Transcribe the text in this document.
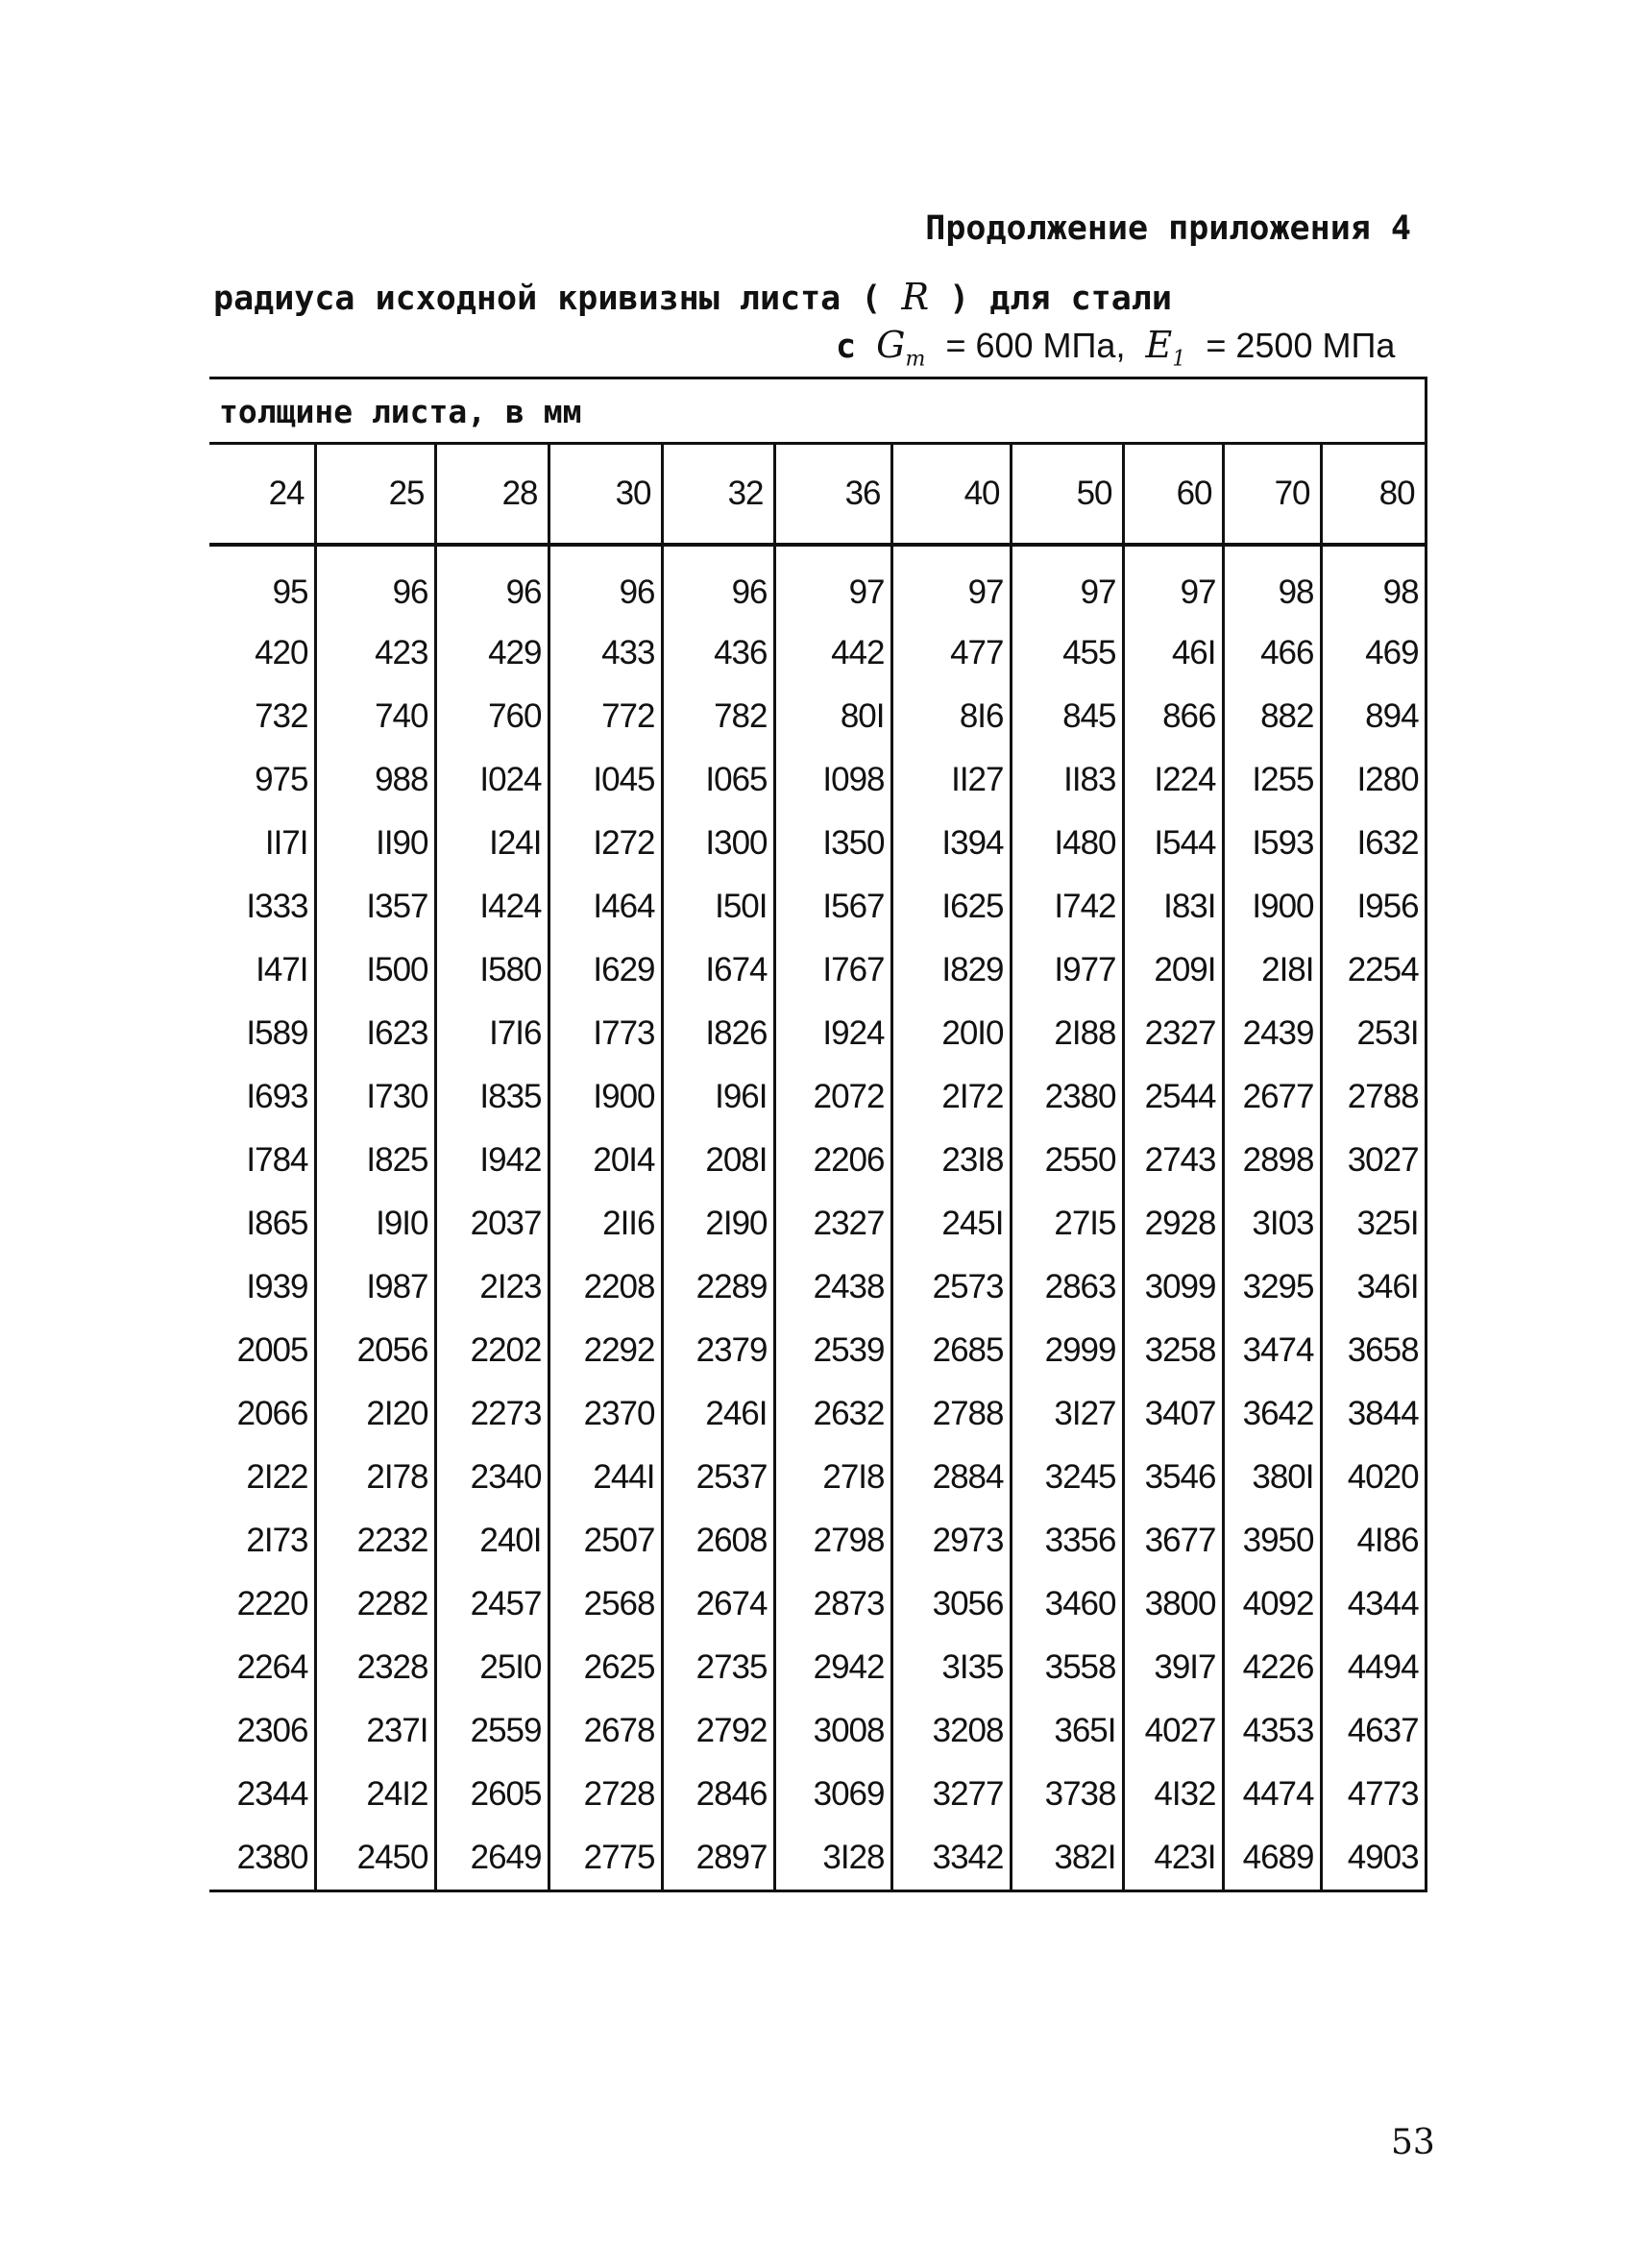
Продолжение приложения 4
радиуса исходной кривизны листа ( R ) для стали
с $G_т = 600$ МПа, $E_1 = 2500$ МПа
толщине листа, в мм										
24	25	28	30	32	36	40	50	60	70	80
95	96	96	96	96	97	97	97	97	98	98
420	423	429	433	436	442	477	455	46I	466	469
732	740	760	772	782	80I	8I6	845	866	882	894
975	988	I024	I045	I065	I098	II27	II83	I224	I255	I280
II7I	II90	I24I	I272	I300	I350	I394	I480	I544	I593	I632
I333	I357	I424	I464	I50I	I567	I625	I742	I83I	I900	I956
I47I	I500	I580	I629	I674	I767	I829	I977	209I	2I8I	2254
I589	I623	I7I6	I773	I826	I924	20I0	2I88	2327	2439	253I
I693	I730	I835	I900	I96I	2072	2I72	2380	2544	2677	2788
I784	I825	I942	20I4	208I	2206	23I8	2550	2743	2898	3027
I865	I9I0	2037	2II6	2I90	2327	245I	27I5	2928	3I03	325I
I939	I987	2I23	2208	2289	2438	2573	2863	3099	3295	346I
2005	2056	2202	2292	2379	2539	2685	2999	3258	3474	3658
2066	2I20	2273	2370	246I	2632	2788	3I27	3407	3642	3844
2I22	2I78	2340	244I	2537	27I8	2884	3245	3546	380I	4020
2I73	2232	240I	2507	2608	2798	2973	3356	3677	3950	4I86
2220	2282	2457	2568	2674	2873	3056	3460	3800	4092	4344
2264	2328	25I0	2625	2735	2942	3I35	3558	39I7	4226	4494
2306	237I	2559	2678	2792	3008	3208	365I	4027	4353	4637
2344	24I2	2605	2728	2846	3069	3277	3738	4I32	4474	4773
2380	2450	2649	2775	2897	3I28	3342	382I	423I	4689	4903
53
